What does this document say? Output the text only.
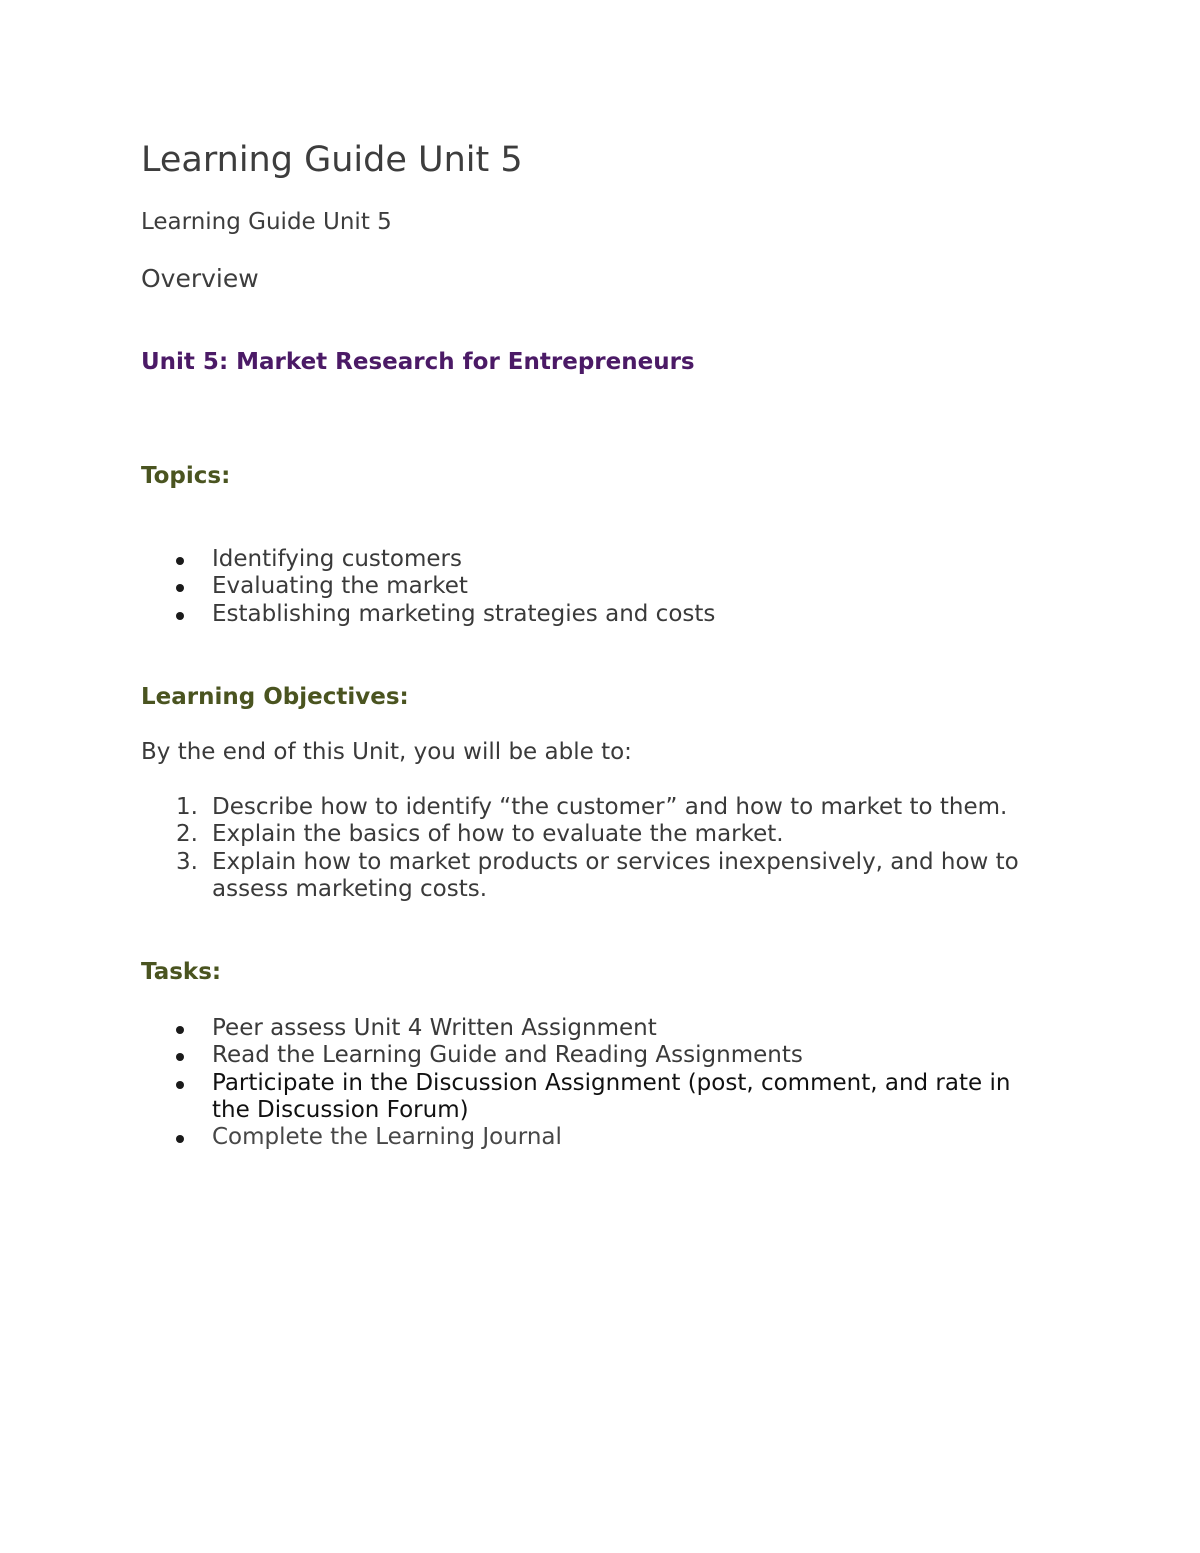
Learning Guide Unit 5

Learning Guide Unit 5

Overview

Unit 5: Market Research for Entrepreneurs
Topics:
Identifying customers
Evaluating the market
Establishing marketing strategies and costs
Learning Objectives:

By the end of this Unit, you will be able to:

1. Describe how to identify “the customer” and how to market to them.
2. Explain the basics of how to evaluate the market.
3. Explain how to market products or services inexpensively, and how to assess marketing costs.
Tasks:
Peer assess Unit 4 Written Assignment
Read the Learning Guide and Reading Assignments
Participate in the Discussion Assignment (post, comment, and rate in the Discussion Forum)
Complete the Learning Journal
